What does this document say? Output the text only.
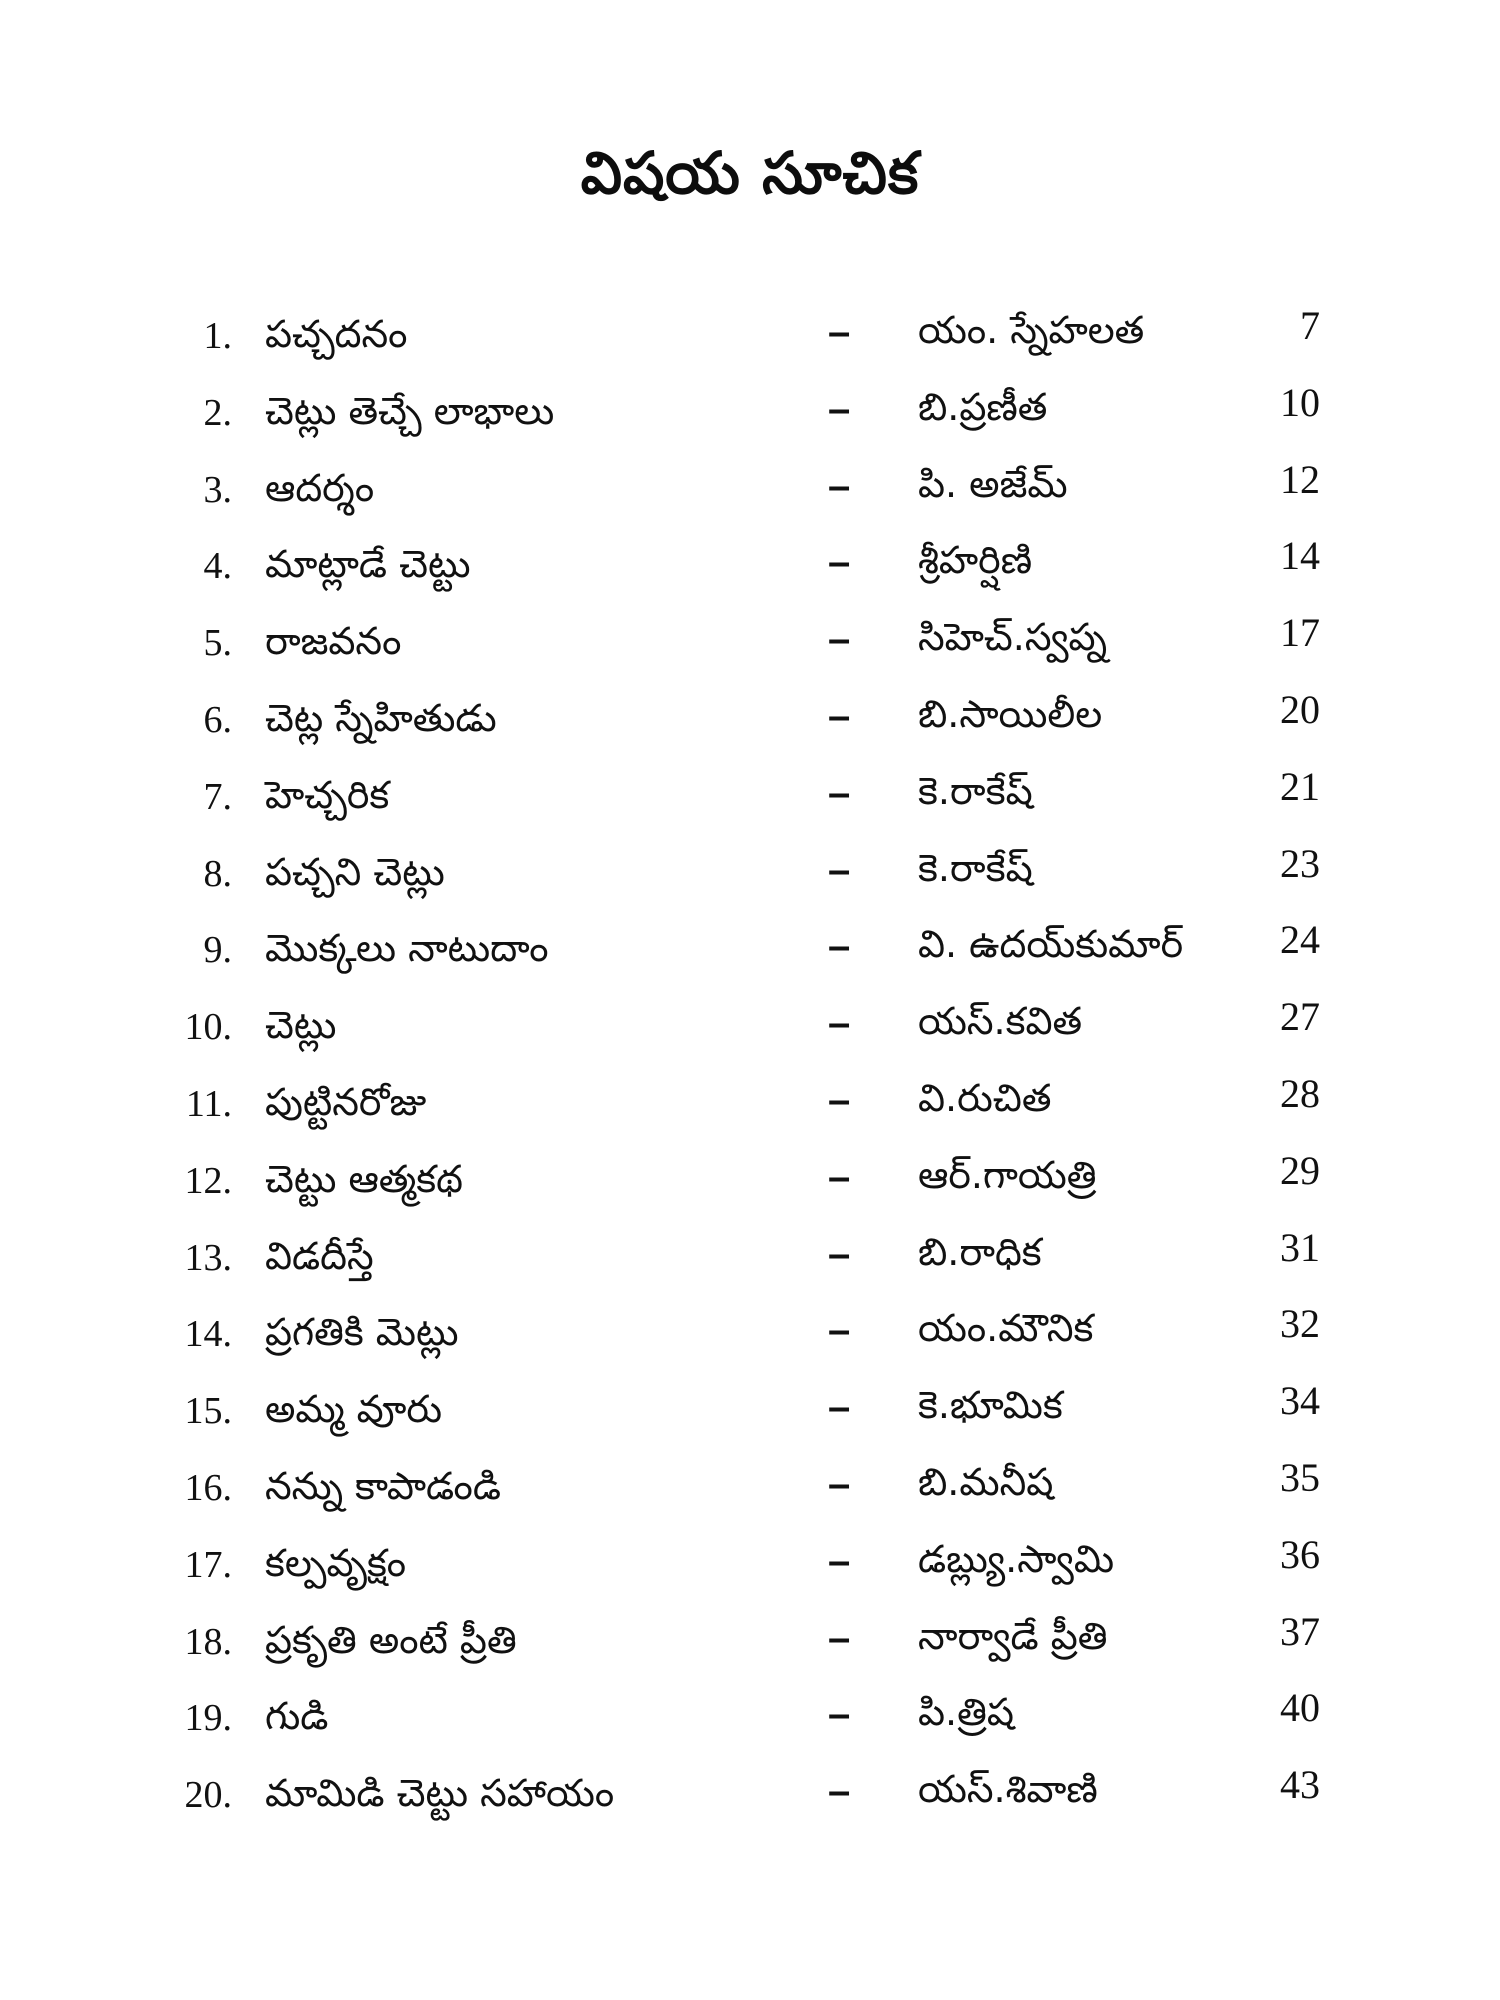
విషయ సూచిక
1. పచ్చదనం	– యం. స్నేహలత	7
2. చెట్లు తెచ్చే లాభాలు	– బి.ప్రణీత	10
3. ఆదర్శం	– పి. అజేమ్	12
4. మాట్లాడే చెట్టు	– శ్రీహర్షిణి	14
5. రాజవనం	– సిహెచ్.స్వప్న	17
6. చెట్ల స్నేహితుడు	– బి.సాయిలీల	20
7. హెచ్చరిక	– కె.రాకేష్	21
8. పచ్చని చెట్లు	– కె.రాకేష్	23
9. మొక్కలు నాటుదాం	– వి. ఉదయ్‌కుమార్ 24
10. చెట్లు	– యస్.కవిత	27
11. పుట్టినరోజు	– వి.రుచిత	28
12. చెట్టు ఆత్మకథ	– ఆర్.గాయత్రి	29
13. విడదీస్తే	– బి.రాధిక	31
14. ప్రగతికి మెట్లు	– యం.మౌనిక	32
15. అమ్మ వూరు	– కె.భూమిక	34
16. నన్ను కాపాడండి	– బి.మనీష	35
17. కల్పవృక్షం	– డబ్ల్యు.స్వామి	36
18. ప్రకృతి అంటే ప్రీతి	– నార్వాడే ప్రీతి	37
19. గుడి	– పి.త్రిష	40
20. మామిడి చెట్టు సహాయం	– యస్.శివాణి	43
